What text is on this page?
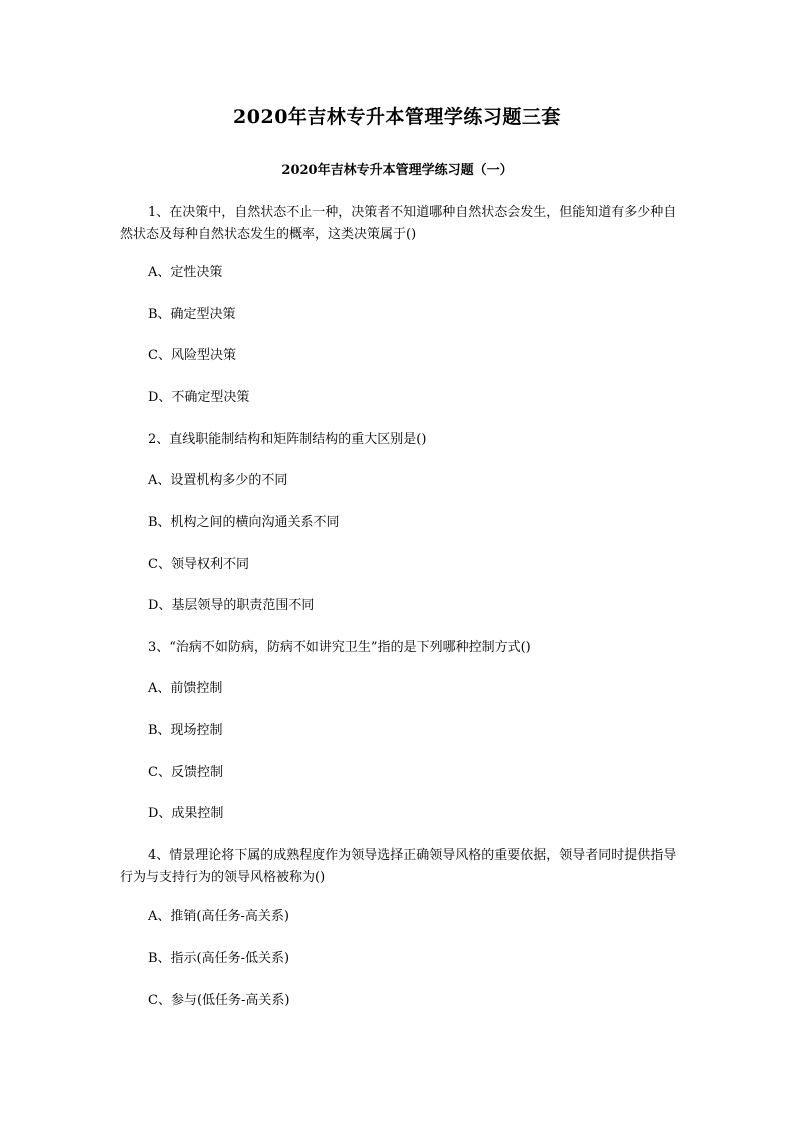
2020年吉林专升本管理学练习题三套
2020年吉林专升本管理学练习题（一）

1、在决策中，自然状态不止一种，决策者不知道哪种自然状态会发生，但能知道有多少种自然状态及每种自然状态发生的概率，这类决策属于()

A、定性决策

B、确定型决策

C、风险型决策

D、不确定型决策

2、直线职能制结构和矩阵制结构的重大区别是()

A、设置机构多少的不同

B、机构之间的横向沟通关系不同

C、领导权利不同

D、基层领导的职责范围不同

3、“治病不如防病，防病不如讲究卫生”指的是下列哪种控制方式()

A、前馈控制

B、现场控制

C、反馈控制

D、成果控制

4、情景理论将下属的成熟程度作为领导选择正确领导风格的重要依据，领导者同时提供指导行为与支持行为的领导风格被称为()

A、推销(高任务-高关系)

B、指示(高任务-低关系)

C、参与(低任务-高关系)
